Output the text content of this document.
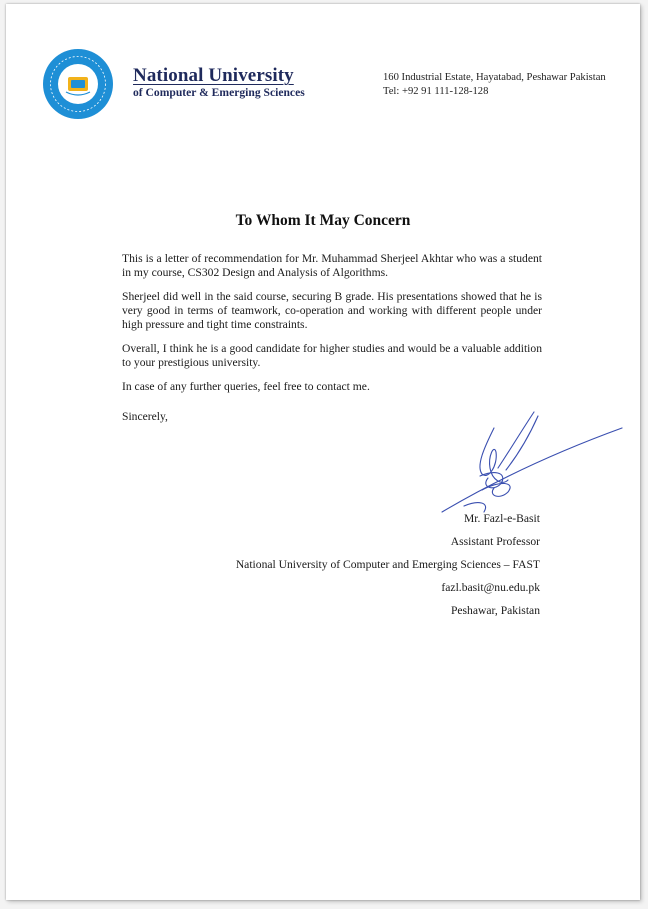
National University
of Computer & Emerging Sciences
160 Industrial Estate, Hayatabad, Peshawar Pakistan
Tel: +92 91 111-128-128
To Whom It May Concern

This is a letter of recommendation for Mr. Muhammad Sherjeel Akhtar who was a student in my course, CS302 Design and Analysis of Algorithms.

Sherjeel did well in the said course, securing B grade. His presentations showed that he is very good in terms of teamwork, co-operation and working with different people under high pressure and tight time constraints.

Overall, I think he is a good candidate for higher studies and would be a valuable addition to your prestigious university.

In case of any further queries, feel free to contact me.

Sincerely,
Mr. Fazl-e-Basit
Assistant Professor
National University of Computer and Emerging Sciences – FAST
fazl.basit@nu.edu.pk
Peshawar, Pakistan
